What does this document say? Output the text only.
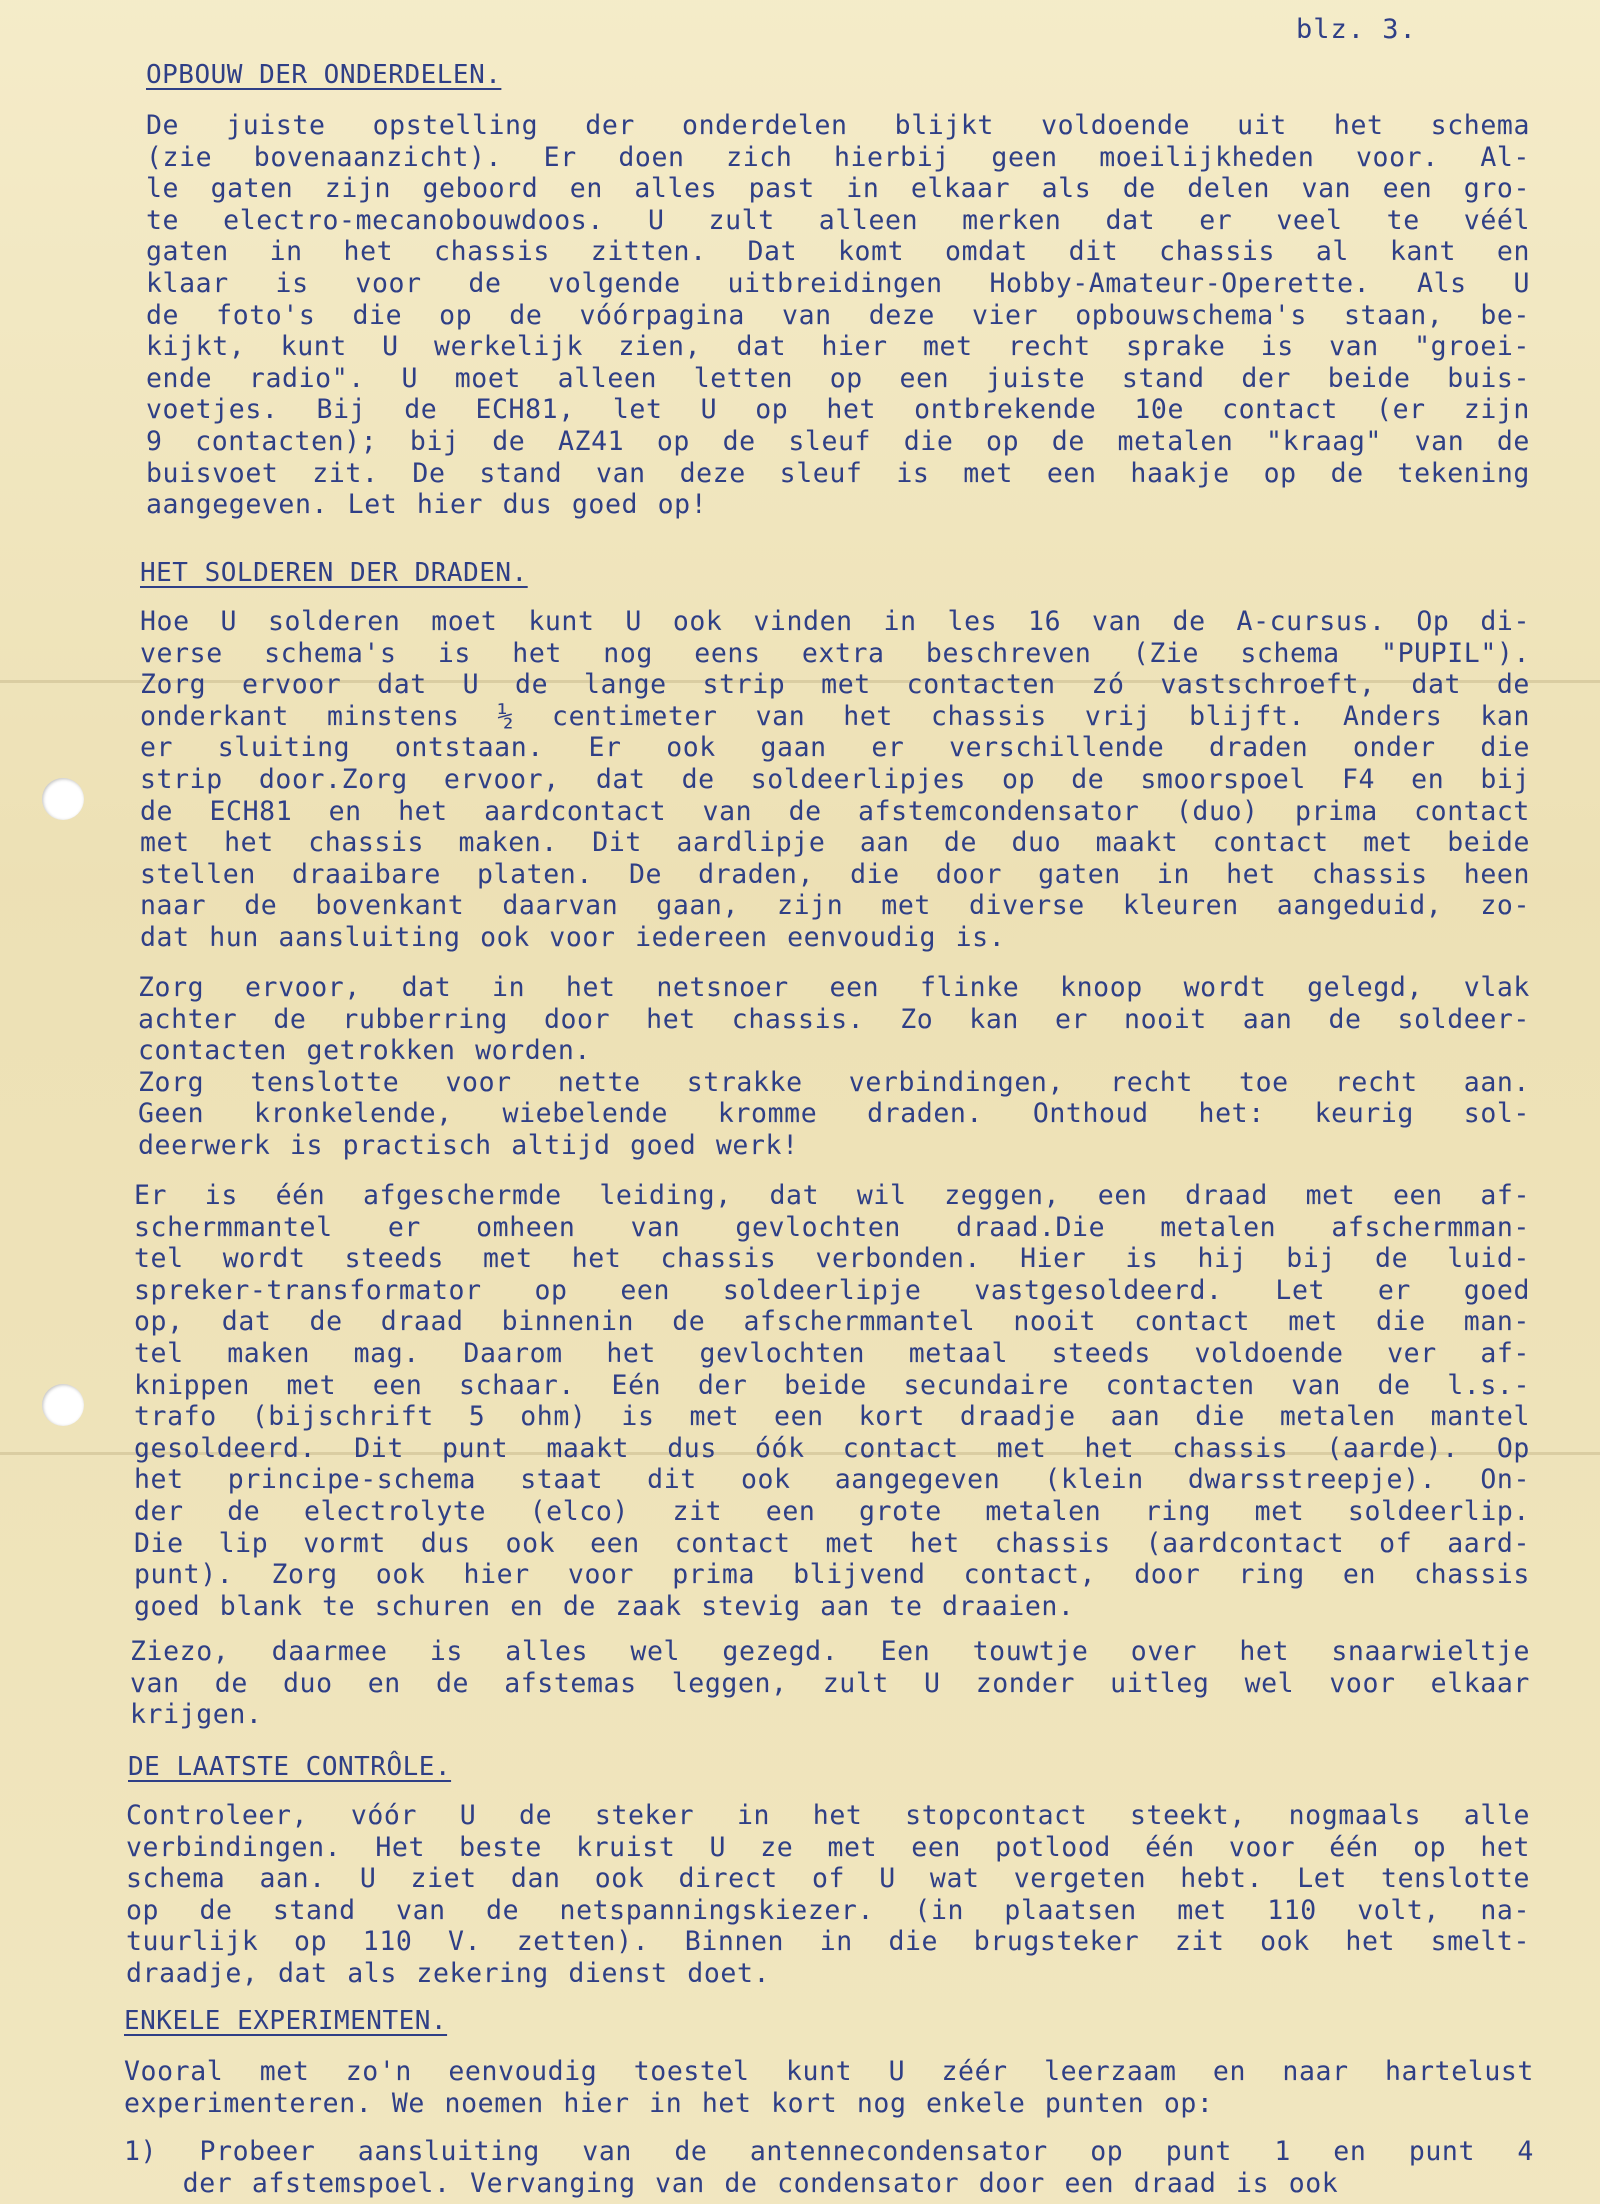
blz. 3.
OPBOUW DER ONDERDELEN.
De juiste opstelling der onderdelen blijkt voldoende uit het schema
(zie bovenaanzicht). Er doen zich hierbij geen moeilijkheden voor. Al-
le gaten zijn geboord en alles past in elkaar als de delen van een gro-
te electro-mecanobouwdoos. U zult alleen merken dat er veel te véél
gaten in het chassis zitten. Dat komt omdat dit chassis al kant en
klaar is voor de volgende uitbreidingen Hobby-Amateur-Operette. Als U
de foto's die op de vóórpagina van deze vier opbouwschema's staan, be-
kijkt, kunt U werkelijk zien, dat hier met recht sprake is van "groei-
ende radio". U moet alleen letten op een juiste stand der beide buis-
voetjes. Bij de ECH81, let U op het ontbrekende 10e contact (er zijn
9 contacten); bij de AZ41 op de sleuf die op de metalen "kraag" van de
buisvoet zit. De stand van deze sleuf is met een haakje op de tekening
aangegeven. Let hier dus goed op!
HET SOLDEREN DER DRADEN.
Hoe U solderen moet kunt U ook vinden in les 16 van de A-cursus. Op di-
verse schema's is het nog eens extra beschreven (Zie schema "PUPIL").
Zorg ervoor dat U de lange strip met contacten zó vastschroeft, dat de
onderkant minstens ½ centimeter van het chassis vrij blijft. Anders kan
er sluiting ontstaan. Er ook gaan er verschillende draden onder die
strip door.Zorg ervoor, dat de soldeerlipjes op de smoorspoel F4 en bij
de ECH81 en het aardcontact van de afstemcondensator (duo) prima contact
met het chassis maken. Dit aardlipje aan de duo maakt contact met beide
stellen draaibare platen. De draden, die door gaten in het chassis heen
naar de bovenkant daarvan gaan, zijn met diverse kleuren aangeduid, zo-
dat hun aansluiting ook voor iedereen eenvoudig is.
Zorg ervoor, dat in het netsnoer een flinke knoop wordt gelegd, vlak
achter de rubberring door het chassis. Zo kan er nooit aan de soldeer-
contacten getrokken worden.
Zorg tenslotte voor nette strakke verbindingen, recht toe recht aan.
Geen kronkelende, wiebelende kromme draden. Onthoud het: keurig sol-
deerwerk is practisch altijd goed werk!
Er is één afgeschermde leiding, dat wil zeggen, een draad met een af-
schermmantel er omheen van gevlochten draad.Die metalen afschermman-
tel wordt steeds met het chassis verbonden. Hier is hij bij de luid-
spreker-transformator op een soldeerlipje vastgesoldeerd. Let er goed
op, dat de draad binnenin de afschermmantel nooit contact met die man-
tel maken mag. Daarom het gevlochten metaal steeds voldoende ver af-
knippen met een schaar. Eén der beide secundaire contacten van de l.s.-
trafo (bijschrift 5 ohm) is met een kort draadje aan die metalen mantel
gesoldeerd. Dit punt maakt dus óók contact met het chassis (aarde). Op
het principe-schema staat dit ook aangegeven (klein dwarsstreepje). On-
der de electrolyte (elco) zit een grote metalen ring met soldeerlip.
Die lip vormt dus ook een contact met het chassis (aardcontact of aard-
punt). Zorg ook hier voor prima blijvend contact, door ring en chassis
goed blank te schuren en de zaak stevig aan te draaien.
Ziezo, daarmee is alles wel gezegd. Een touwtje over het snaarwieltje
van de duo en de afstemas leggen, zult U zonder uitleg wel voor elkaar
krijgen.
DE LAATSTE CONTRÔLE.
Controleer, vóór U de steker in het stopcontact steekt, nogmaals alle
verbindingen. Het beste kruist U ze met een potlood één voor één op het
schema aan. U ziet dan ook direct of U wat vergeten hebt. Let tenslotte
op de stand van de netspanningskiezer. (in plaatsen met 110 volt, na-
tuurlijk op 110 V. zetten). Binnen in die brugsteker zit ook het smelt-
draadje, dat als zekering dienst doet.
ENKELE EXPERIMENTEN.
Vooral met zo'n eenvoudig toestel kunt U zéér leerzaam en naar hartelust
experimenteren. We noemen hier in het kort nog enkele punten op:
1) Probeer aansluiting van de antennecondensator op punt 1 en punt 4
der afstemspoel. Vervanging van de condensator door een draad is ook
